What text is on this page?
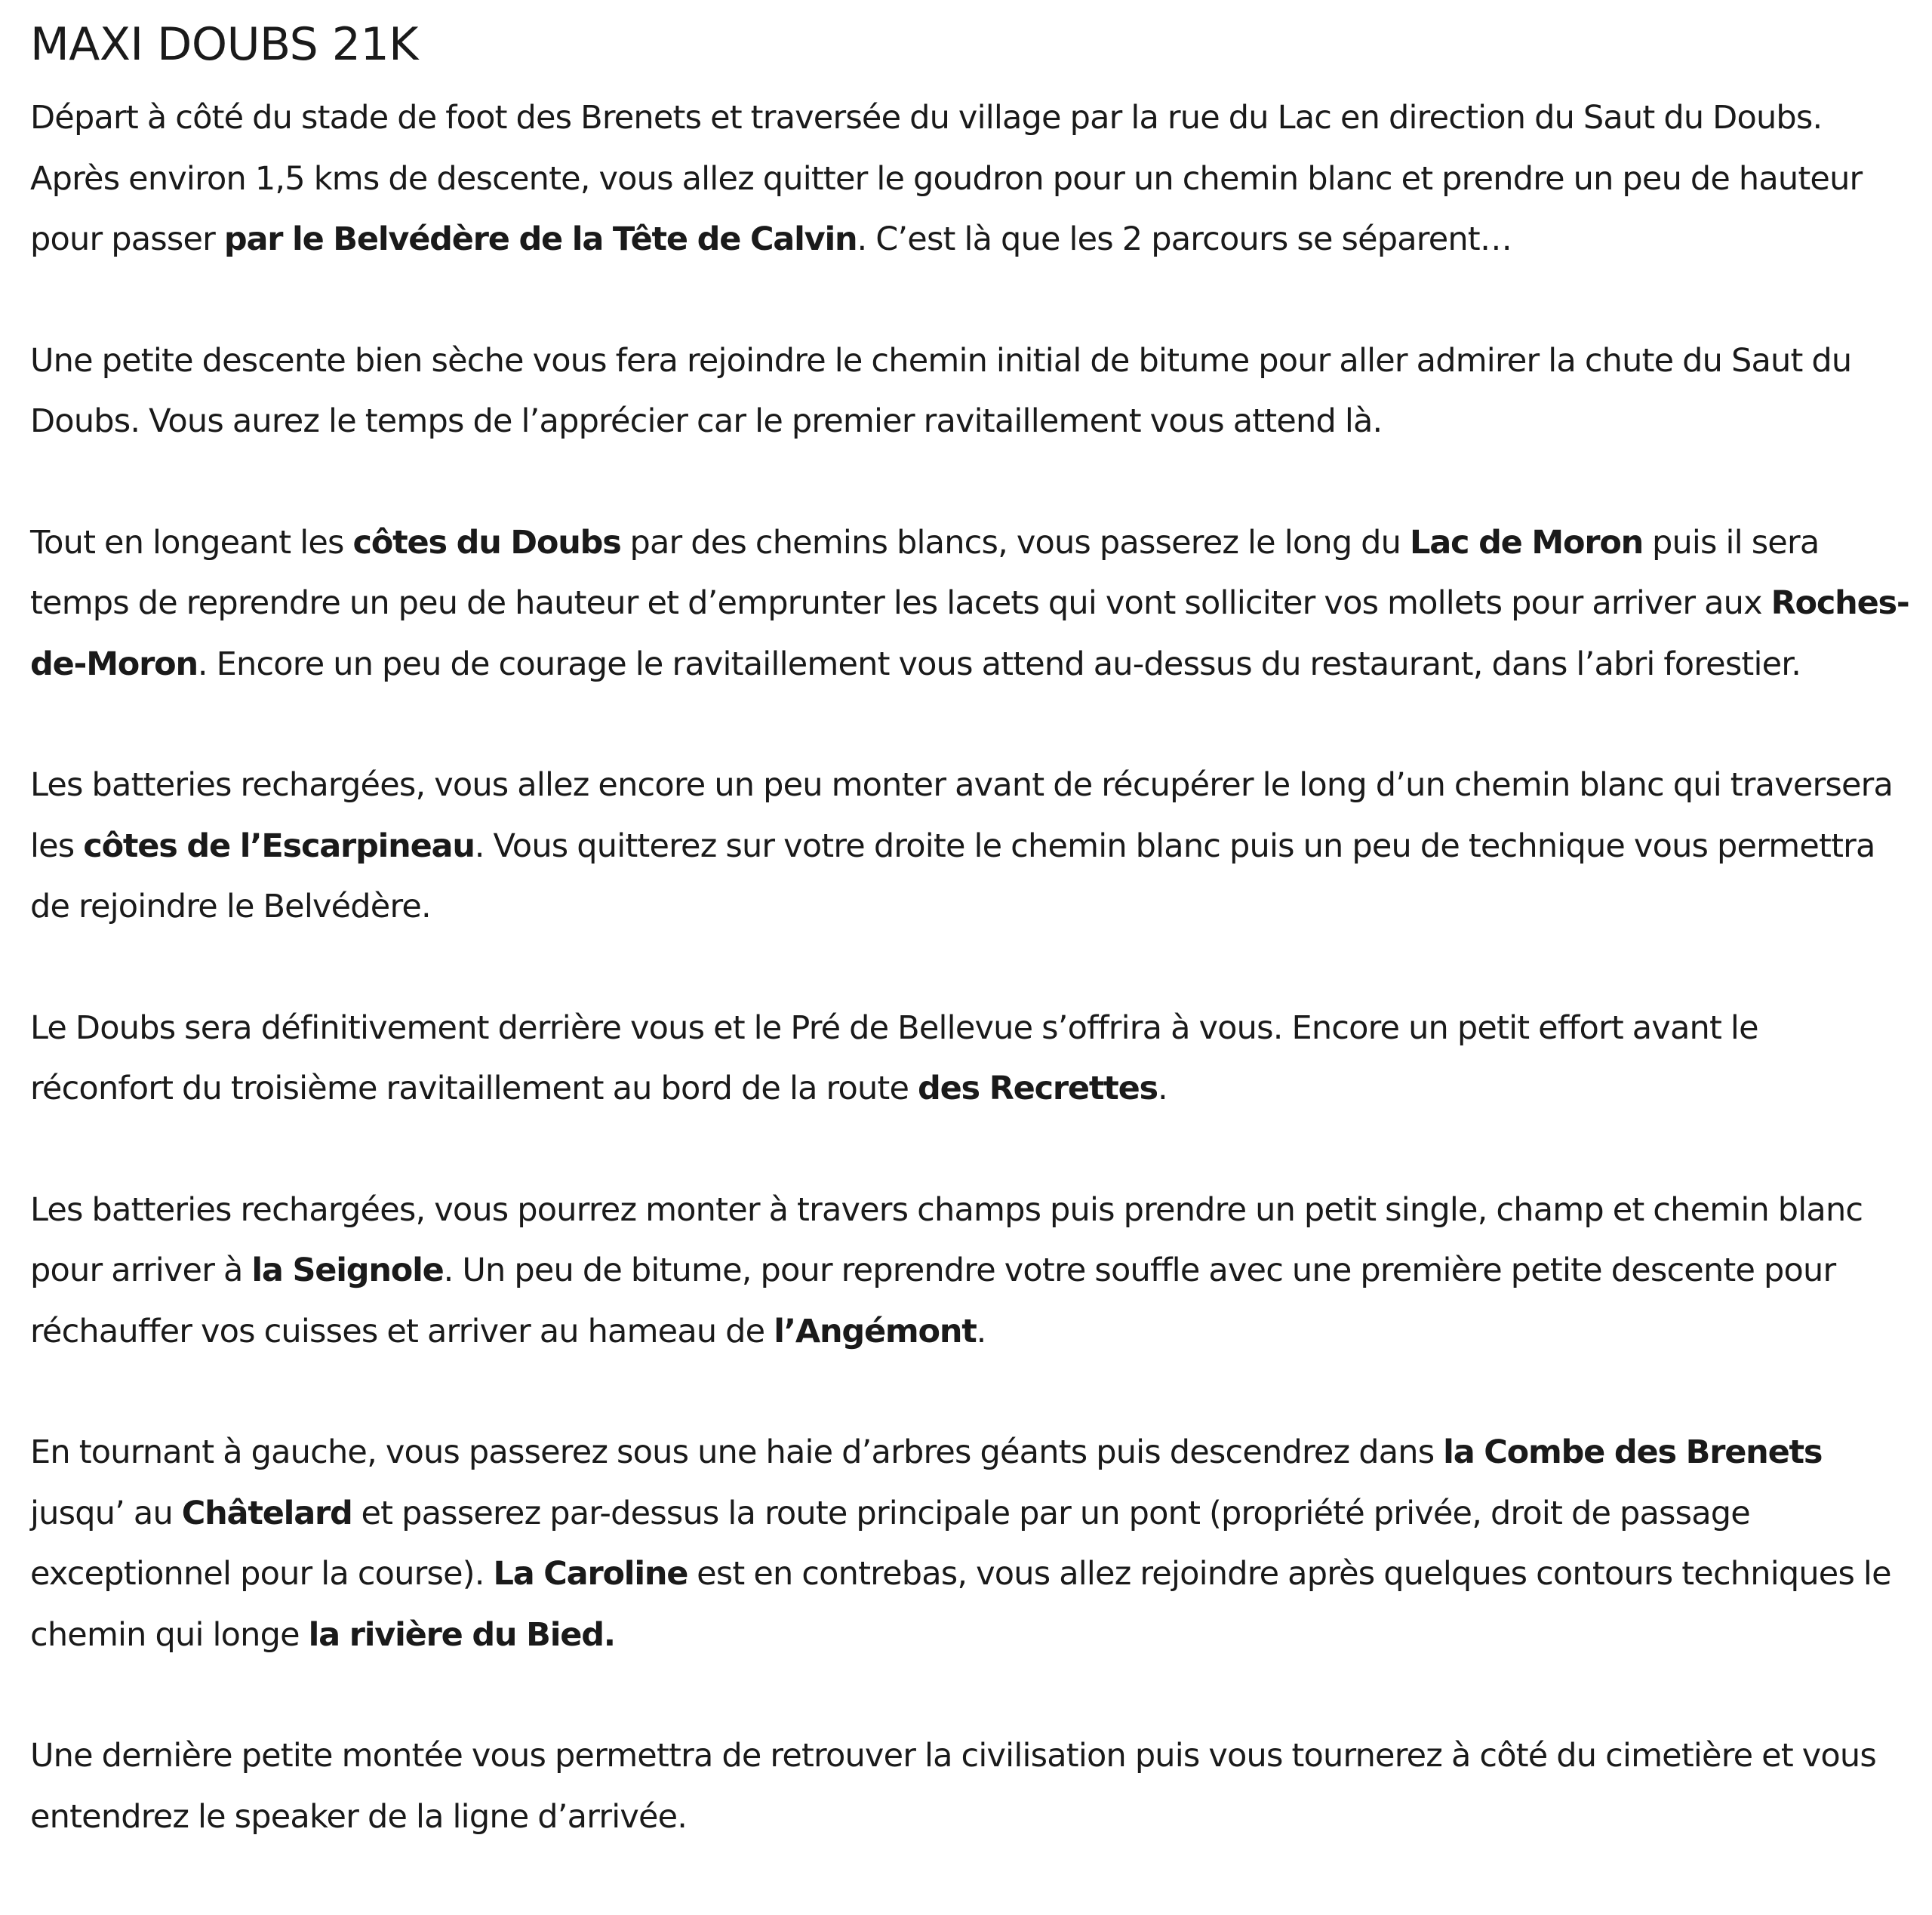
MAXI DOUBS 21K

Départ à côté du stade de foot des Brenets et traversée du village par la rue du Lac en direction du Saut du Doubs. Après environ 1,5 kms de descente, vous allez quitter le goudron pour un chemin blanc et prendre un peu de hauteur pour passer par le Belvédère de la Tête de Calvin. C’est là que les 2 parcours se séparent…

Une petite descente bien sèche vous fera rejoindre le chemin initial de bitume pour aller admirer la chute du Saut du Doubs. Vous aurez le temps de l’apprécier car le premier ravitaillement vous attend là.

Tout en longeant les côtes du Doubs par des chemins blancs, vous passerez le long du Lac de Moron puis il sera temps de reprendre un peu de hauteur et d’emprunter les lacets qui vont solliciter vos mollets pour arriver aux Roches-de-Moron. Encore un peu de courage le ravitaillement vous attend au-dessus du restaurant, dans l’abri forestier.

Les batteries rechargées, vous allez encore un peu monter avant de récupérer le long d’un chemin blanc qui traversera les côtes de l’Escarpineau. Vous quitterez sur votre droite le chemin blanc puis un peu de technique vous permettra de rejoindre le Belvédère.

Le Doubs sera définitivement derrière vous et le Pré de Bellevue s’offrira à vous. Encore un petit effort avant le réconfort du troisième ravitaillement au bord de la route des Recrettes.

Les batteries rechargées, vous pourrez monter à travers champs puis prendre un petit single, champ et chemin blanc pour arriver à la Seignole. Un peu de bitume, pour reprendre votre souffle avec une première petite descente pour réchauffer vos cuisses et arriver au hameau de l’Angémont.

En tournant à gauche, vous passerez sous une haie d’arbres géants puis descendrez dans la Combe des Brenets jusqu’ au Châtelard et passerez par-dessus la route principale par un pont (propriété privée, droit de passage exceptionnel pour la course). La Caroline est en contrebas, vous allez rejoindre après quelques contours techniques le chemin qui longe la rivière du Bied.

Une dernière petite montée vous permettra de retrouver la civilisation puis vous tournerez à côté du cimetière et vous entendrez le speaker de la ligne d’arrivée.
